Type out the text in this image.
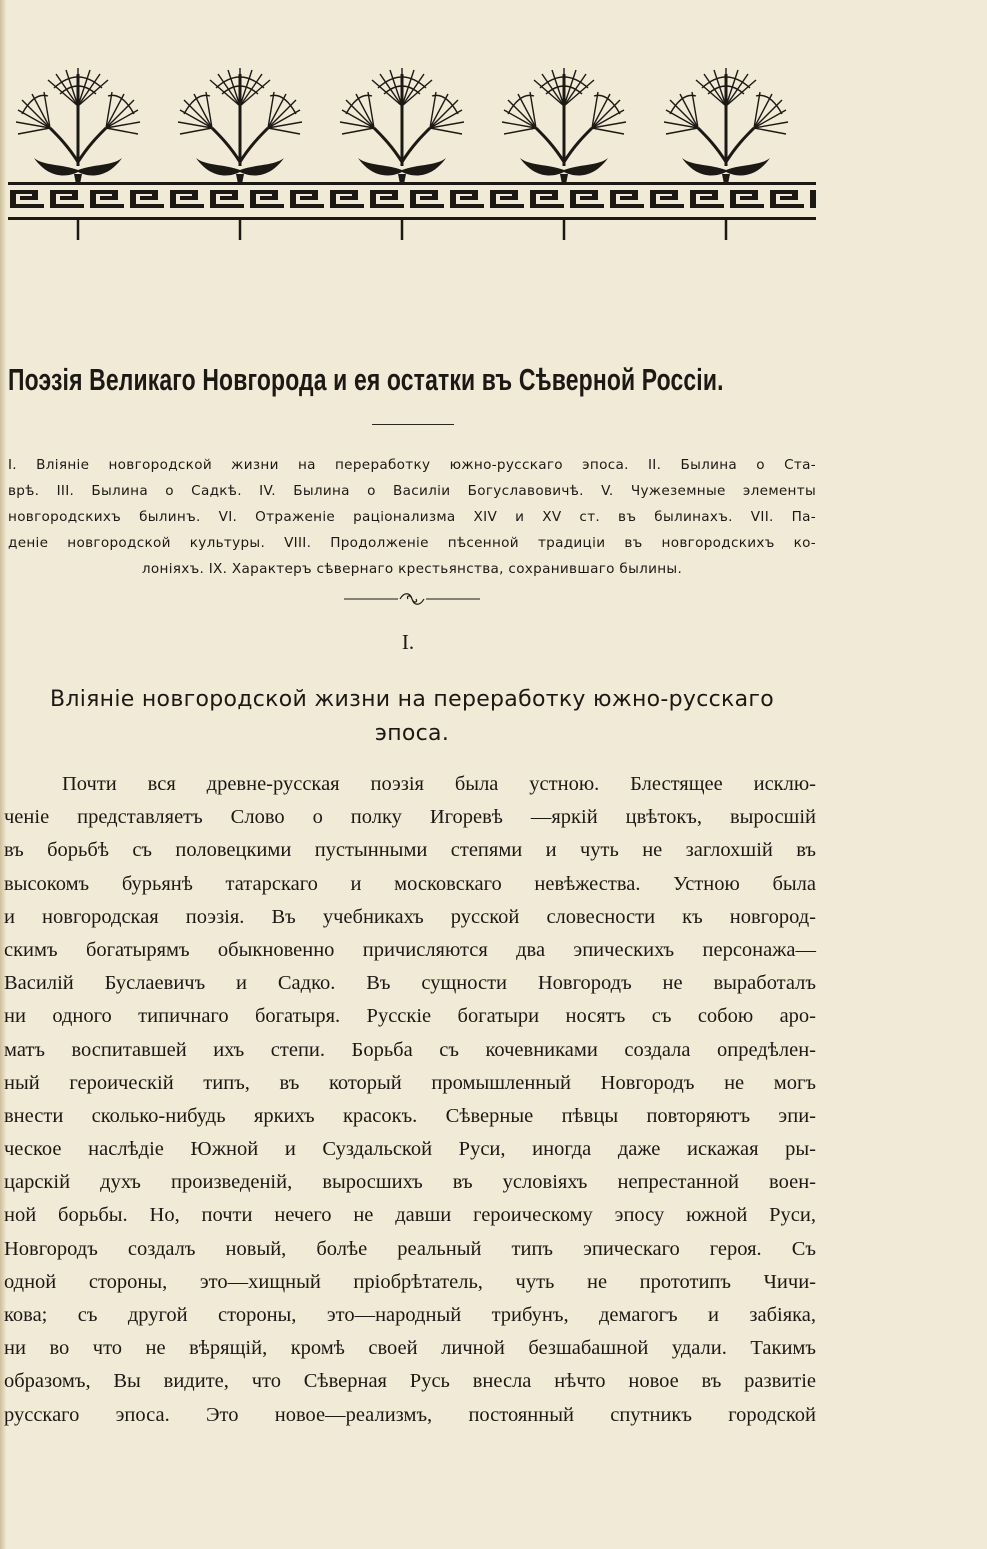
Поэзія Великаго Новгорода и ея остатки въ Сѣверной Россіи.
I. Вліяніе новгородской жизни на переработку южно-русскаго эпоса. II. Былина о Ста-
врѣ. III. Былина о Садкѣ. IV. Былина о Василіи Богуславовичѣ. V. Чужеземные элементы
новгородскихъ былинъ. VI. Отраженіе раціонализма XIV и XV ст. въ былинахъ. VII. Па-
деніе новгородской культуры. VIII. Продолженіе пѣсенной традиціи въ новгородскихъ ко-
лоніяхъ. IX. Характеръ сѣвернаго крестьянства, сохранившаго былины.
I.
Вліяніе новгородской жизни на переработку южно-русскаго
эпоса.
Почти вся древне-русская поэзія была устною. Блестящее исклю-
ченіе представляетъ Слово о полку Игоревѣ —яркій цвѣтокъ, выросшій
въ борьбѣ съ половецкими пустынными степями и чуть не заглохшій въ
высокомъ бурьянѣ татарскаго и московскаго невѣжества. Устною была
и новгородская поэзія. Въ учебникахъ русской словесности къ новгород-
скимъ богатырямъ обыкновенно причисляются два эпическихъ персонажа—
Василій Буслаевичъ и Садко. Въ сущности Новгородъ не выработалъ
ни одного типичнаго богатыря. Русскіе богатыри носятъ съ собою аро-
матъ воспитавшей ихъ степи. Борьба съ кочевниками создала опредѣлен-
ный героическій типъ, въ который промышленный Новгородъ не могъ
внести сколько-нибудь яркихъ красокъ. Сѣверные пѣвцы повторяютъ эпи-
ческое наслѣдіе Южной и Суздальской Руси, иногда даже искажая ры-
царскій духъ произведеній, выросшихъ въ условіяхъ непрестанной воен-
ной борьбы. Но, почти нечего не давши героическому эпосу южной Руси,
Новгородъ создалъ новый, болѣе реальный типъ эпическаго героя. Съ
одной стороны, это—хищный пріобрѣтатель, чуть не прототипъ Чичи-
кова; съ другой стороны, это—народный трибунъ, демагогъ и забіяка,
ни во что не вѣрящій, кромѣ своей личной безшабашной удали. Такимъ
образомъ, Вы видите, что Сѣверная Русь внесла нѣчто новое въ развитіе
русскаго эпоса. Это новое—реализмъ, постоянный спутникъ городской
